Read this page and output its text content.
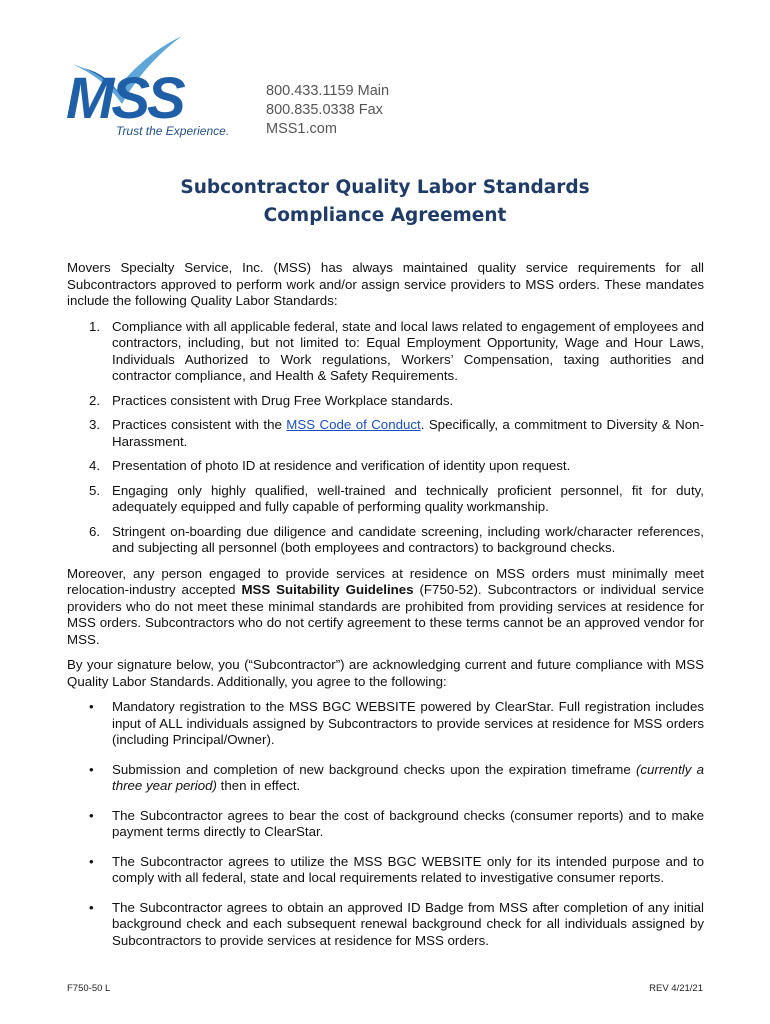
MSS
Trust the Experience.
800.433.1159 Main
800.835.0338 Fax
MSS1.com
Subcontractor Quality Labor Standards
Compliance Agreement

Movers Specialty Service, Inc. (MSS) has always maintained quality service requirements for all Subcontractors approved to perform work and/or assign service providers to MSS orders. These mandates include the following Quality Labor Standards:

1. Compliance with all applicable federal, state and local laws related to engagement of employees and contractors, including, but not limited to: Equal Employment Opportunity, Wage and Hour Laws, Individuals Authorized to Work regulations, Workers’ Compensation, taxing authorities and contractor compliance, and Health & Safety Requirements.
2. Practices consistent with Drug Free Workplace standards.
3. Practices consistent with the MSS Code of Conduct. Specifically, a commitment to Diversity & Non-Harassment.
4. Presentation of photo ID at residence and verification of identity upon request.
5. Engaging only highly qualified, well-trained and technically proficient personnel, fit for duty, adequately equipped and fully capable of performing quality workmanship.
6. Stringent on-boarding due diligence and candidate screening, including work/character references, and subjecting all personnel (both employees and contractors) to background checks.

Moreover, any person engaged to provide services at residence on MSS orders must minimally meet relocation-industry accepted MSS Suitability Guidelines (F750-52). Subcontractors or individual service providers who do not meet these minimal standards are prohibited from providing services at residence for MSS orders. Subcontractors who do not certify agreement to these terms cannot be an approved vendor for MSS.

By your signature below, you (“Subcontractor”) are acknowledging current and future compliance with MSS Quality Labor Standards. Additionally, you agree to the following:

• Mandatory registration to the MSS BGC WEBSITE powered by ClearStar. Full registration includes input of ALL individuals assigned by Subcontractors to provide services at residence for MSS orders (including Principal/Owner).
• Submission and completion of new background checks upon the expiration timeframe (currently a three year period) then in effect.
• The Subcontractor agrees to bear the cost of background checks (consumer reports) and to make payment terms directly to ClearStar.
• The Subcontractor agrees to utilize the MSS BGC WEBSITE only for its intended purpose and to comply with all federal, state and local requirements related to investigative consumer reports.
• The Subcontractor agrees to obtain an approved ID Badge from MSS after completion of any initial background check and each subsequent renewal background check for all individuals assigned by Subcontractors to provide services at residence for MSS orders.
F750-50 L	REV 4/21/21
